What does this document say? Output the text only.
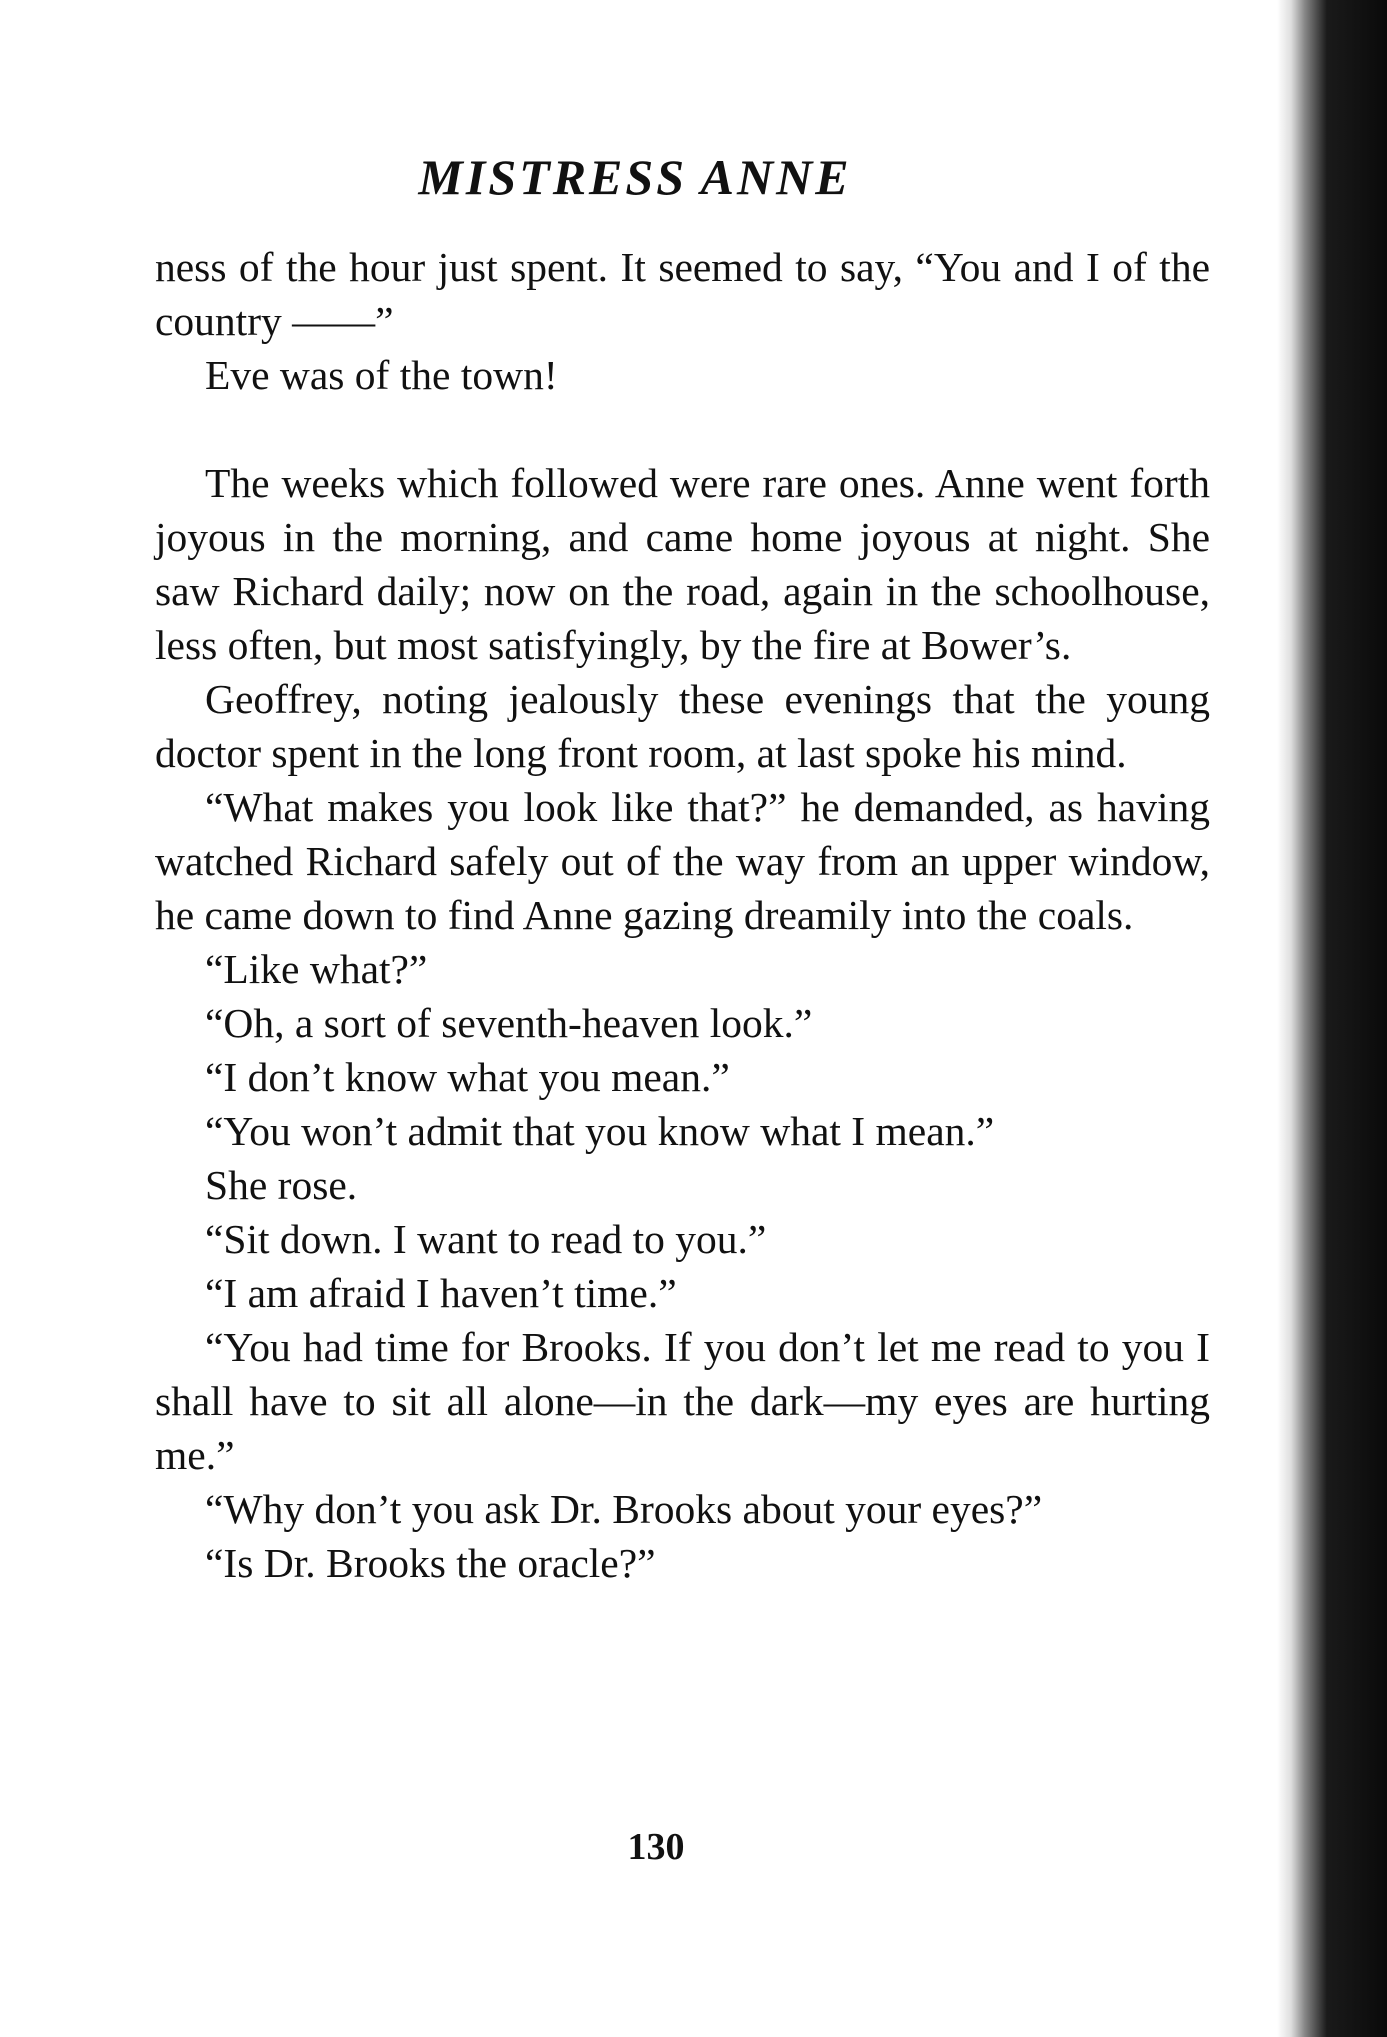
MISTRESS ANNE

ness of the hour just spent. It seemed to say, “You and I of the country ——”

Eve was of the town!

The weeks which followed were rare ones. Anne went forth joyous in the morning, and came home joyous at night. She saw Richard daily; now on the road, again in the schoolhouse, less often, but most satisfyingly, by the fire at Bower’s.

Geoffrey, noting jealously these evenings that the young doctor spent in the long front room, at last spoke his mind.

“What makes you look like that?” he demanded, as having watched Richard safely out of the way from an upper window, he came down to find Anne gazing dreamily into the coals.

“Like what?”

“Oh, a sort of seventh-heaven look.”

“I don’t know what you mean.”

“You won’t admit that you know what I mean.”

She rose.

“Sit down. I want to read to you.”

“I am afraid I haven’t time.”

“You had time for Brooks. If you don’t let me read to you I shall have to sit all alone—in the dark—my eyes are hurting me.”

“Why don’t you ask Dr. Brooks about your eyes?”

“Is Dr. Brooks the oracle?”

130
